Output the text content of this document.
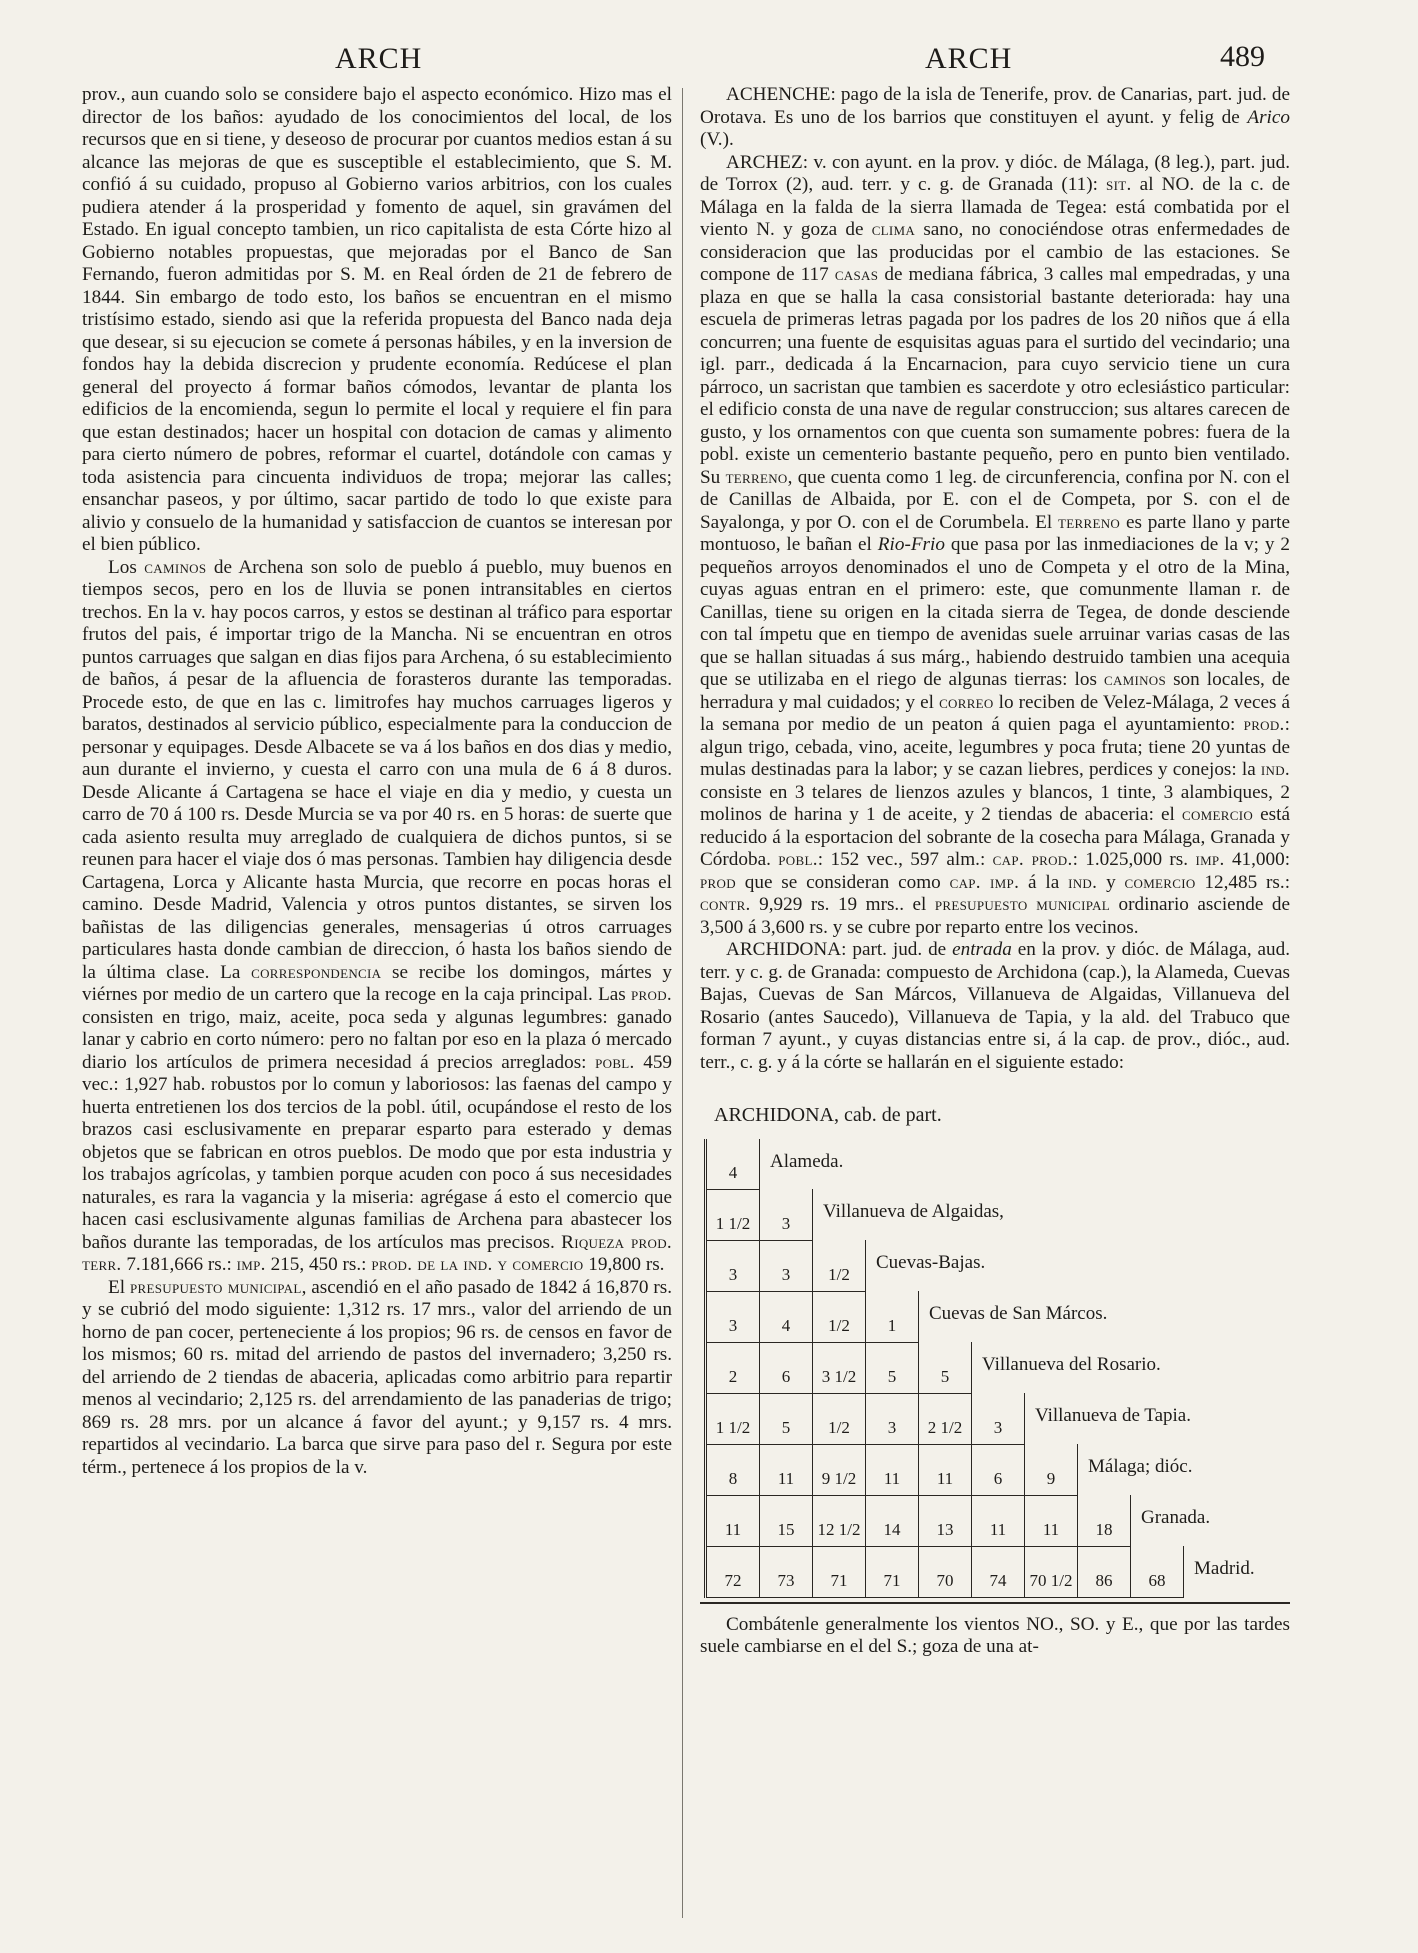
ARCH	ARCH	489

prov., aun cuando solo se considere bajo el aspecto económico. Hizo mas el director de los baños: ayudado de los conocimientos del local, de los recursos que en si tiene, y deseoso de procurar por cuantos medios estan á su alcance las mejoras de que es susceptible el establecimiento, que S. M. confió á su cuidado, propuso al Gobierno varios arbitrios, con los cuales pudiera atender á la prosperidad y fomento de aquel, sin gravámen del Estado. En igual concepto tambien, un rico capitalista de esta Córte hizo al Gobierno notables propuestas, que mejoradas por el Banco de San Fernando, fueron admitidas por S. M. en Real órden de 21 de febrero de 1844. Sin embargo de todo esto, los baños se encuentran en el mismo tristísimo estado, siendo asi que la referida propuesta del Banco nada deja que desear, si su ejecucion se comete á personas hábiles, y en la inversion de fondos hay la debida discrecion y prudente economía. Redúcese el plan general del proyecto á formar baños cómodos, levantar de planta los edificios de la encomienda, segun lo permite el local y requiere el fin para que estan destinados; hacer un hospital con dotacion de camas y alimento para cierto número de pobres, reformar el cuartel, dotándole con camas y toda asistencia para cincuenta individuos de tropa; mejorar las calles; ensanchar paseos, y por último, sacar partido de todo lo que existe para alivio y consuelo de la humanidad y satisfaccion de cuantos se interesan por el bien público.

Los caminos de Archena son solo de pueblo á pueblo, muy buenos en tiempos secos, pero en los de lluvia se ponen intransitables en ciertos trechos. En la v. hay pocos carros, y estos se destinan al tráfico para esportar frutos del pais, é importar trigo de la Mancha. Ni se encuentran en otros puntos carruages que salgan en dias fijos para Archena, ó su establecimiento de baños, á pesar de la afluencia de forasteros durante las temporadas. Procede esto, de que en las c. limitrofes hay muchos carruages ligeros y baratos, destinados al servicio público, especialmente para la conduccion de personar y equipages. Desde Albacete se va á los baños en dos dias y medio, aun durante el invierno, y cuesta el carro con una mula de 6 á 8 duros. Desde Alicante á Cartagena se hace el viaje en dia y medio, y cuesta un carro de 70 á 100 rs. Desde Murcia se va por 40 rs. en 5 horas: de suerte que cada asiento resulta muy arreglado de cualquiera de dichos puntos, si se reunen para hacer el viaje dos ó mas personas. Tambien hay diligencia desde Cartagena, Lorca y Alicante hasta Murcia, que recorre en pocas horas el camino. Desde Madrid, Valencia y otros puntos distantes, se sirven los bañistas de las diligencias generales, mensagerias ú otros carruages particulares hasta donde cambian de direccion, ó hasta los baños siendo de la última clase. La correspondencia se recibe los domingos, mártes y viérnes por medio de un cartero que la recoge en la caja principal. Las prod. consisten en trigo, maiz, aceite, poca seda y algunas legumbres: ganado lanar y cabrio en corto número: pero no faltan por eso en la plaza ó mercado diario los artículos de primera necesidad á precios arreglados: pobl. 459 vec.: 1,927 hab. robustos por lo comun y laboriosos: las faenas del campo y huerta entretienen los dos tercios de la pobl. útil, ocupándose el resto de los brazos casi esclusivamente en preparar esparto para esterado y demas objetos que se fabrican en otros pueblos. De modo que por esta industria y los trabajos agrícolas, y tambien porque acuden con poco á sus necesidades naturales, es rara la vagancia y la miseria: agrégase á esto el comercio que hacen casi esclusivamente algunas familias de Archena para abastecer los baños durante las temporadas, de los artículos mas precisos. Riqueza prod. terr. 7.181,666 rs.: imp. 215, 450 rs.: prod. de la ind. y comercio 19,800 rs.

El presupuesto municipal, ascendió en el año pasado de 1842 á 16,870 rs. y se cubrió del modo siguiente: 1,312 rs. 17 mrs., valor del arriendo de un horno de pan cocer, perteneciente á los propios; 96 rs. de censos en favor de los mismos; 60 rs. mitad del arriendo de pastos del invernadero; 3,250 rs. del arriendo de 2 tiendas de abaceria, aplicadas como arbitrio para repartir menos al vecindario; 2,125 rs. del arrendamiento de las panaderias de trigo; 869 rs. 28 mrs. por un alcance á favor del ayunt.; y 9,157 rs. 4 mrs. repartidos al vecindario. La barca que sirve para paso del r. Segura por este térm., pertenece á los propios de la v.

ACHENCHE: pago de la isla de Tenerife, prov. de Canarias, part. jud. de Orotava. Es uno de los barrios que constituyen el ayunt. y felig de Arico (V.).

ARCHEZ: v. con ayunt. en la prov. y dióc. de Málaga, (8 leg.), part. jud. de Torrox (2), aud. terr. y c. g. de Granada (11): sit. al NO. de la c. de Málaga en la falda de la sierra llamada de Tegea: está combatida por el viento N. y goza de clima sano, no conociéndose otras enfermedades de consideracion que las producidas por el cambio de las estaciones. Se compone de 117 casas de mediana fábrica, 3 calles mal empedradas, y una plaza en que se halla la casa consistorial bastante deteriorada: hay una escuela de primeras letras pagada por los padres de los 20 niños que á ella concurren; una fuente de esquisitas aguas para el surtido del vecindario; una igl. parr., dedicada á la Encarnacion, para cuyo servicio tiene un cura párroco, un sacristan que tambien es sacerdote y otro eclesiástico particular: el edificio consta de una nave de regular construccion; sus altares carecen de gusto, y los ornamentos con que cuenta son sumamente pobres: fuera de la pobl. existe un cementerio bastante pequeño, pero en punto bien ventilado. Su terreno, que cuenta como 1 leg. de circunferencia, confina por N. con el de Canillas de Albaida, por E. con el de Competa, por S. con el de Sayalonga, y por O. con el de Corumbela. El terreno es parte llano y parte montuoso, le bañan el Rio-Frio que pasa por las inmediaciones de la v; y 2 pequeños arroyos denominados el uno de Competa y el otro de la Mina, cuyas aguas entran en el primero: este, que comunmente llaman r. de Canillas, tiene su origen en la citada sierra de Tegea, de donde desciende con tal ímpetu que en tiempo de avenidas suele arruinar varias casas de las que se hallan situadas á sus márg., habiendo destruido tambien una acequia que se utilizaba en el riego de algunas tierras: los caminos son locales, de herradura y mal cuidados; y el correo lo reciben de Velez-Málaga, 2 veces á la semana por medio de un peaton á quien paga el ayuntamiento: prod.: algun trigo, cebada, vino, aceite, legumbres y poca fruta; tiene 20 yuntas de mulas destinadas para la labor; y se cazan liebres, perdices y conejos: la ind. consiste en 3 telares de lienzos azules y blancos, 1 tinte, 3 alambiques, 2 molinos de harina y 1 de aceite, y 2 tiendas de abaceria: el comercio está reducido á la esportacion del sobrante de la cosecha para Málaga, Granada y Córdoba. pobl.: 152 vec., 597 alm.: cap. prod.: 1.025,000 rs. imp. 41,000: prod que se consideran como cap. imp. á la ind. y comercio 12,485 rs.: contr. 9,929 rs. 19 mrs.. el presupuesto municipal ordinario asciende de 3,500 á 3,600 rs. y se cubre por reparto entre los vecinos.

ARCHIDONA: part. jud. de entrada en la prov. y dióc. de Málaga, aud. terr. y c. g. de Granada: compuesto de Archidona (cap.), la Alameda, Cuevas Bajas, Cuevas de San Márcos, Villanueva de Algaidas, Villanueva del Rosario (antes Saucedo), Villanueva de Tapia, y la ald. del Trabuco que forman 7 ayunt., y cuyas distancias entre si, á la cap. de prov., dióc., aud. terr., c. g. y á la córte se hallarán en el siguiente estado:

ARCHIDONA, cab. de part.
4	Alameda.								
1 1/2	3	Villanueva de Algaidas,							
3	3	1/2	Cuevas-Bajas.						
3	4	1/2	1	Cuevas de San Márcos.					
2	6	3 1/2	5	5	Villanueva del Rosario.				
1 1/2	5	1/2	3	2 1/2	3	Villanueva de Tapia.			
8	11	9 1/2	11	11	6	9	Málaga; dióc.		
11	15	12 1/2	14	13	11	11	18	Granada.	
72	73	71	71	70	74	70 1/2	86	68	Madrid.

Combátenle generalmente los vientos NO., SO. y E., que por las tardes suele cambiarse en el del S.; goza de una at-
